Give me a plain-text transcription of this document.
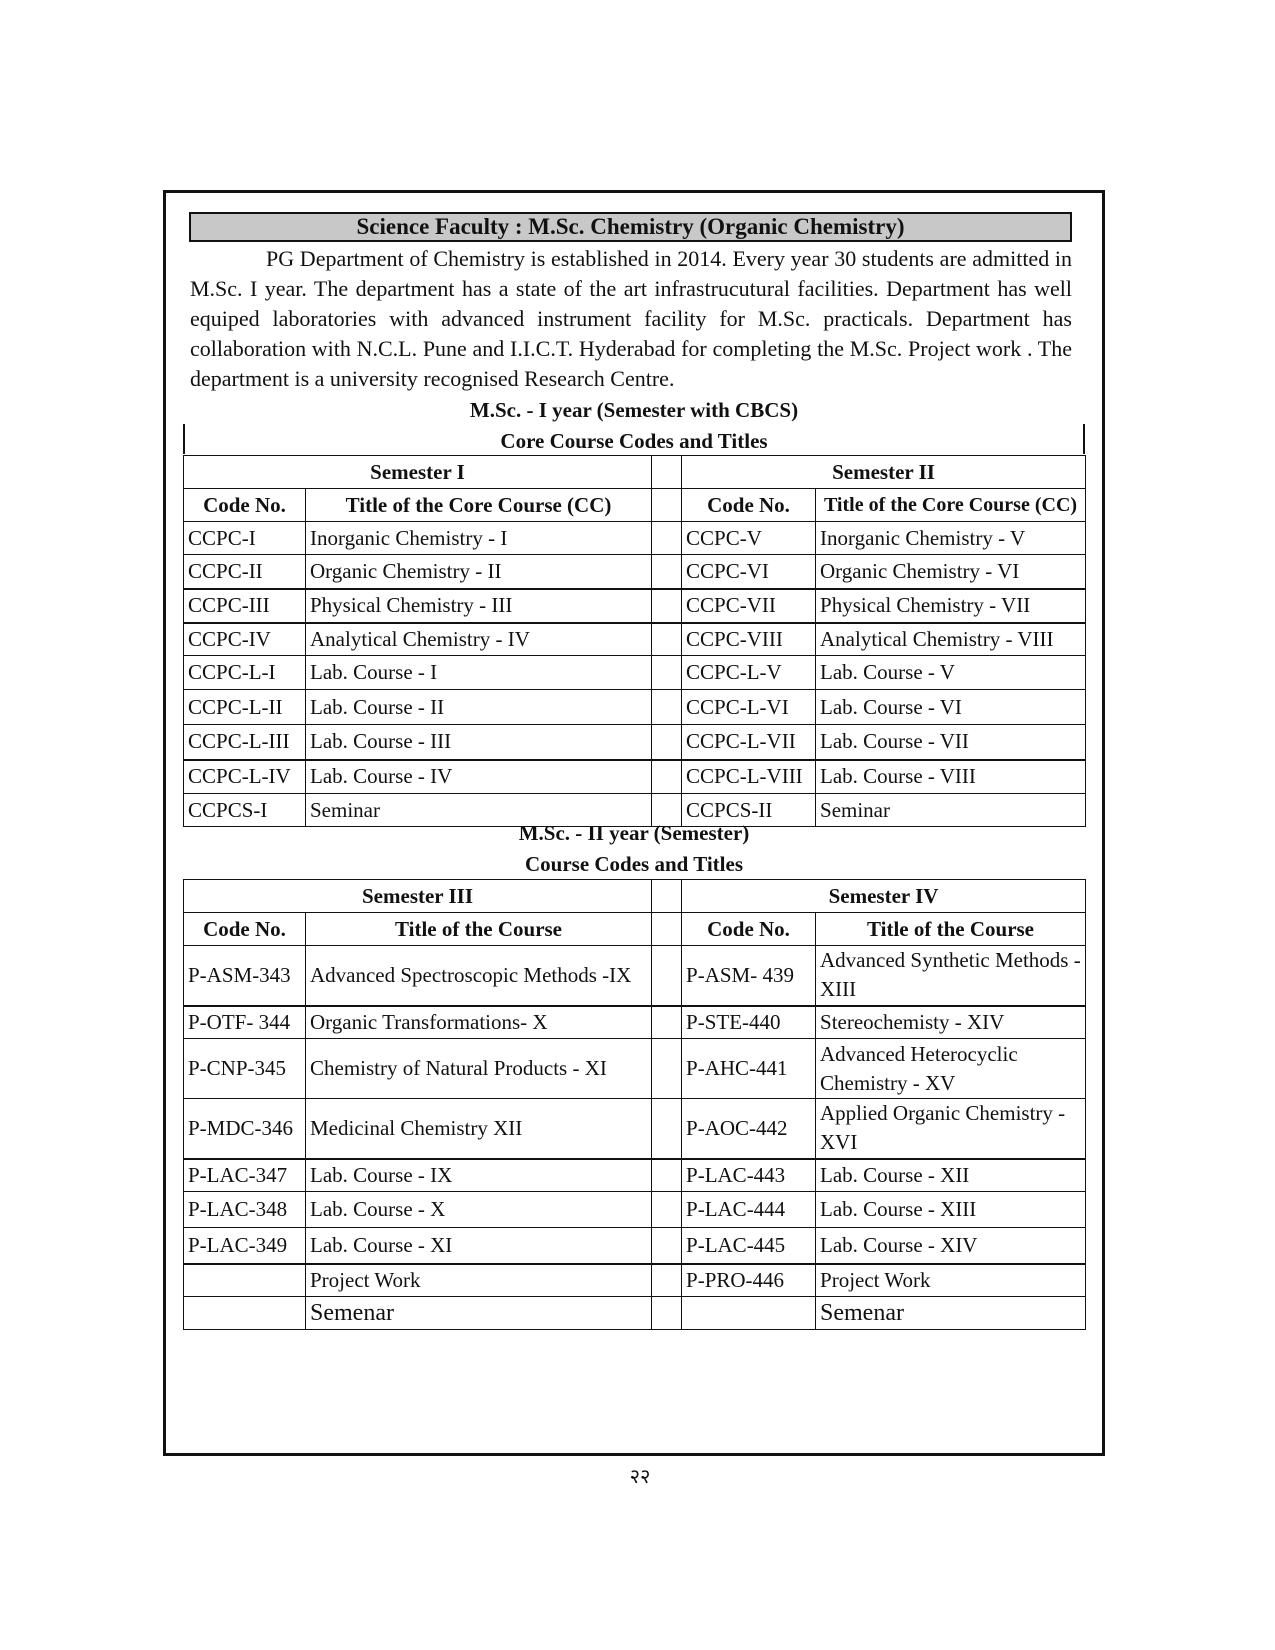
Science Faculty : M.Sc. Chemistry (Organic Chemistry)
PG Department of Chemistry is established in 2014. Every year 30 students are admitted in M.Sc. I year. The department has a state of the art infrastrucutural facilities. Department has well equiped laboratories with advanced instrument facility for M.Sc. practicals. Department has collaboration with N.C.L. Pune and I.I.C.T. Hyderabad for completing the M.Sc. Project work . The department is a university recognised Research Centre.
M.Sc. - I year (Semester with CBCS)
Core Course Codes and Titles
Semester I			Semester II	
Code No.	Title of the Core Course (CC)		Code No.	Title of the Core Course (CC)
CCPC-I	Inorganic Chemistry - I		CCPC-V	Inorganic Chemistry - V
CCPC-II	Organic Chemistry - II		CCPC-VI	Organic Chemistry - VI
CCPC-III	Physical Chemistry - III		CCPC-VII	Physical Chemistry - VII
CCPC-IV	Analytical Chemistry - IV		CCPC-VIII	Analytical Chemistry - VIII
CCPC-L-I	Lab. Course - I		CCPC-L-V	Lab. Course - V
CCPC-L-II	Lab. Course - II		CCPC-L-VI	Lab. Course - VI
CCPC-L-III	Lab. Course - III		CCPC-L-VII	Lab. Course - VII
CCPC-L-IV	Lab. Course - IV		CCPC-L-VIII	Lab. Course - VIII
CCPCS-I	Seminar		CCPCS-II	Seminar
M.Sc. - II year (Semester)
Course Codes and Titles
Semester III			Semester IV	
Code No.	Title of the Course		Code No.	Title of the Course
P-ASM-343	Advanced Spectroscopic Methods -IX		P-ASM- 439	Advanced Synthetic Methods -XIII
P-OTF- 344	Organic Transformations- X		P-STE-440	Stereochemisty - XIV
P-CNP-345	Chemistry of Natural Products - XI		P-AHC-441	Advanced Heterocyclic Chemistry - XV
P-MDC-346	Medicinal Chemistry XII		P-AOC-442	Applied Organic Chemistry - XVI
P-LAC-347	Lab. Course - IX		P-LAC-443	Lab. Course - XII
P-LAC-348	Lab. Course - X		P-LAC-444	Lab. Course - XIII
P-LAC-349	Lab. Course - XI		P-LAC-445	Lab. Course - XIV
	Project Work		P-PRO-446	Project Work
	Semenar			Semenar
२२
